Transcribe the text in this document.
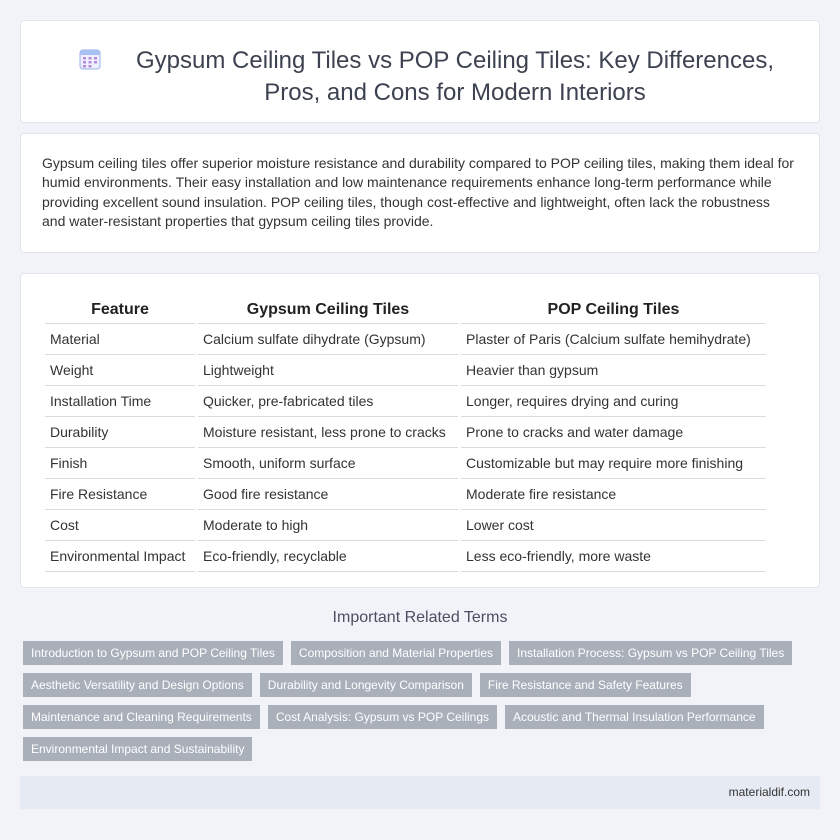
Gypsum Ceiling Tiles vs POP Ceiling Tiles: Key Differences, Pros, and Cons for Modern Interiors

Gypsum ceiling tiles offer superior moisture resistance and durability compared to POP ceiling tiles, making them ideal for humid environments. Their easy installation and low maintenance requirements enhance long-term performance while providing excellent sound insulation. POP ceiling tiles, though cost-effective and lightweight, often lack the robustness and water-resistant properties that gypsum ceiling tiles provide.

Feature	Gypsum Ceiling Tiles	POP Ceiling Tiles
Material	Calcium sulfate dihydrate (Gypsum)	Plaster of Paris (Calcium sulfate hemihydrate)
Weight	Lightweight	Heavier than gypsum
Installation Time	Quicker, pre-fabricated tiles	Longer, requires drying and curing
Durability	Moisture resistant, less prone to cracks	Prone to cracks and water damage
Finish	Smooth, uniform surface	Customizable but may require more finishing
Fire Resistance	Good fire resistance	Moderate fire resistance
Cost	Moderate to high	Lower cost
Environmental Impact	Eco-friendly, recyclable	Less eco-friendly, more waste
Important Related Terms
Introduction to Gypsum and POP Ceiling Tiles	Composition and Material Properties	Installation Process: Gypsum vs POP Ceiling Tiles
Aesthetic Versatility and Design Options	Durability and Longevity Comparison	Fire Resistance and Safety Features
Maintenance and Cleaning Requirements	Cost Analysis: Gypsum vs POP Ceilings	Acoustic and Thermal Insulation Performance
Environmental Impact and Sustainability
materialdif.com
